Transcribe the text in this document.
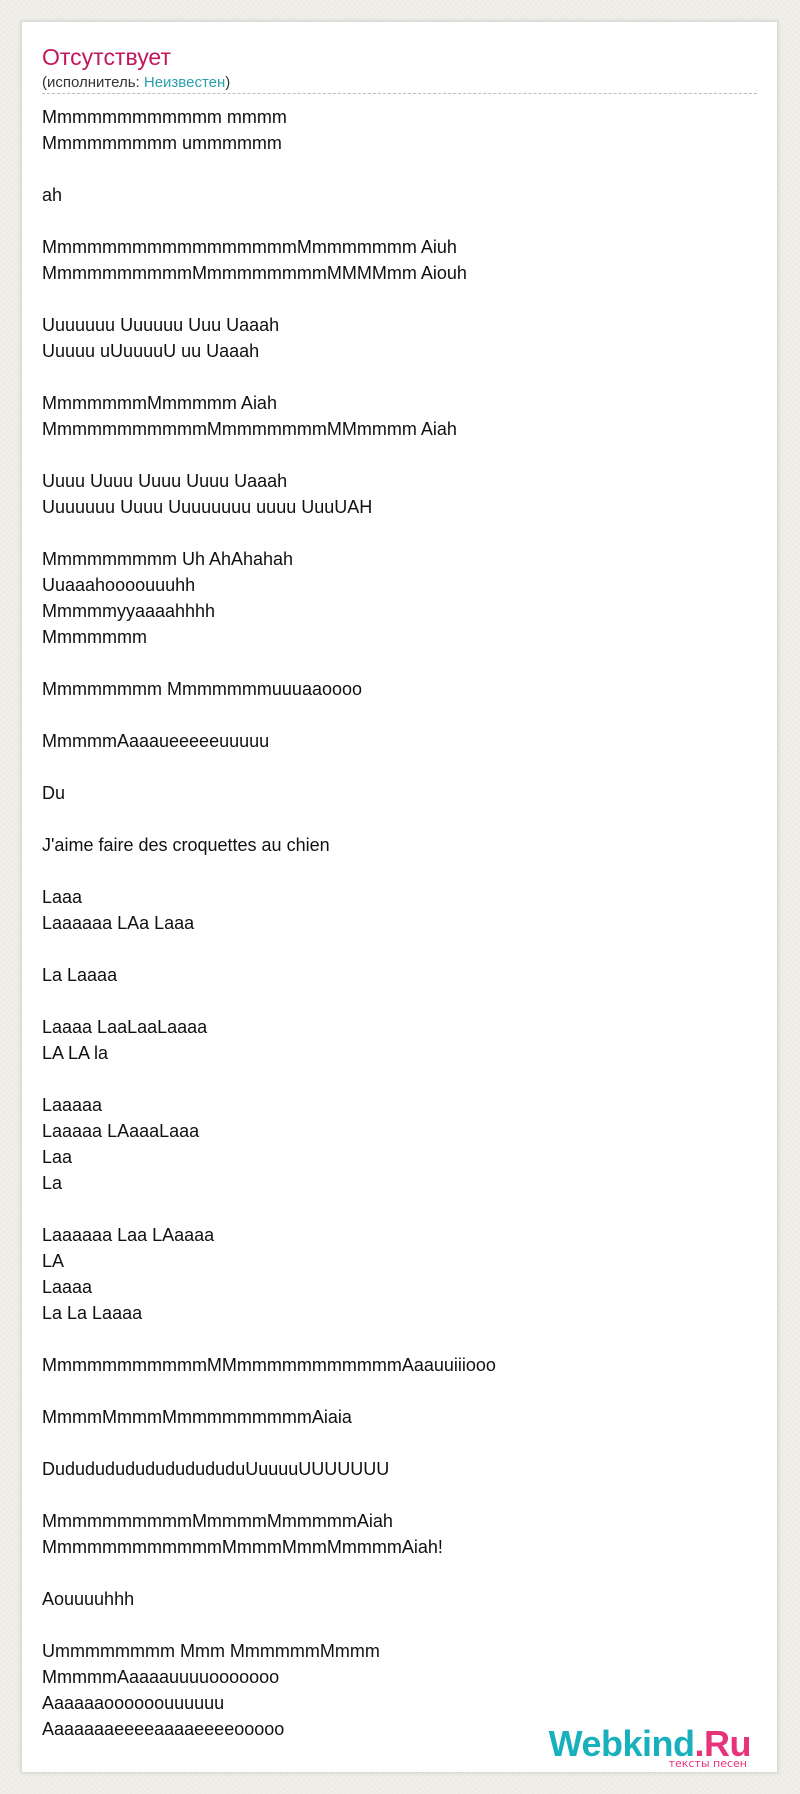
Отсутствует
(исполнитель: Неизвестен)
Mmmmmmmmmmmm mmmm
Mmmmmmmmm ummmmmm
ah
MmmmmmmmmmmmmmmmmMmmmmmmm Aiuh
MmmmmmmmmmMmmmmmmmmMMMMmm Aiouh
Uuuuuuu Uuuuuu Uuu Uaaah
Uuuuu uUuuuuU uu Uaaah
MmmmmmmMmmmmm Aiah
MmmmmmmmmmmMmmmmmmmMMmmmm Aiah
Uuuu Uuuu Uuuu Uuuu Uaaah
Uuuuuuu Uuuu Uuuuuuuu uuuu UuuUAH
Mmmmmmmmm Uh AhAhahah
Uuaaahoooouuuhh
Mmmmmyyaaaahhhh
Mmmmmmm
Mmmmmmmm Mmmmmmmuuuaaoooo
MmmmmAaaaueeeeeuuuuu
Du
J'aime faire des croquettes au chien
Laaa
Laaaaaa LAa Laaa
La Laaaa
Laaaa LaaLaaLaaaa
LA LA la
Laaaaa
Laaaaa LAaaaLaaa
Laa
La
Laaaaaa Laa LAaaaa
LA
Laaaa
La La Laaaa
MmmmmmmmmmmMMmmmmmmmmmmmAaauuiiiooo
MmmmMmmmMmmmmmmmmmAiaia
DudududududududududuUuuuuUUUUUUU
MmmmmmmmmmMmmmmMmmmmmAiah
MmmmmmmmmmmmMmmmMmmMmmmmAiah!
Aouuuuhhh
Ummmmmmmm Mmm MmmmmmMmmm
MmmmmAaaaauuuuooooooo
Aaaaaaoooooouuuuuu
Aaaaaaaeeeeaaaaeeeeooooo	Webkind.Ru
тексты песен
